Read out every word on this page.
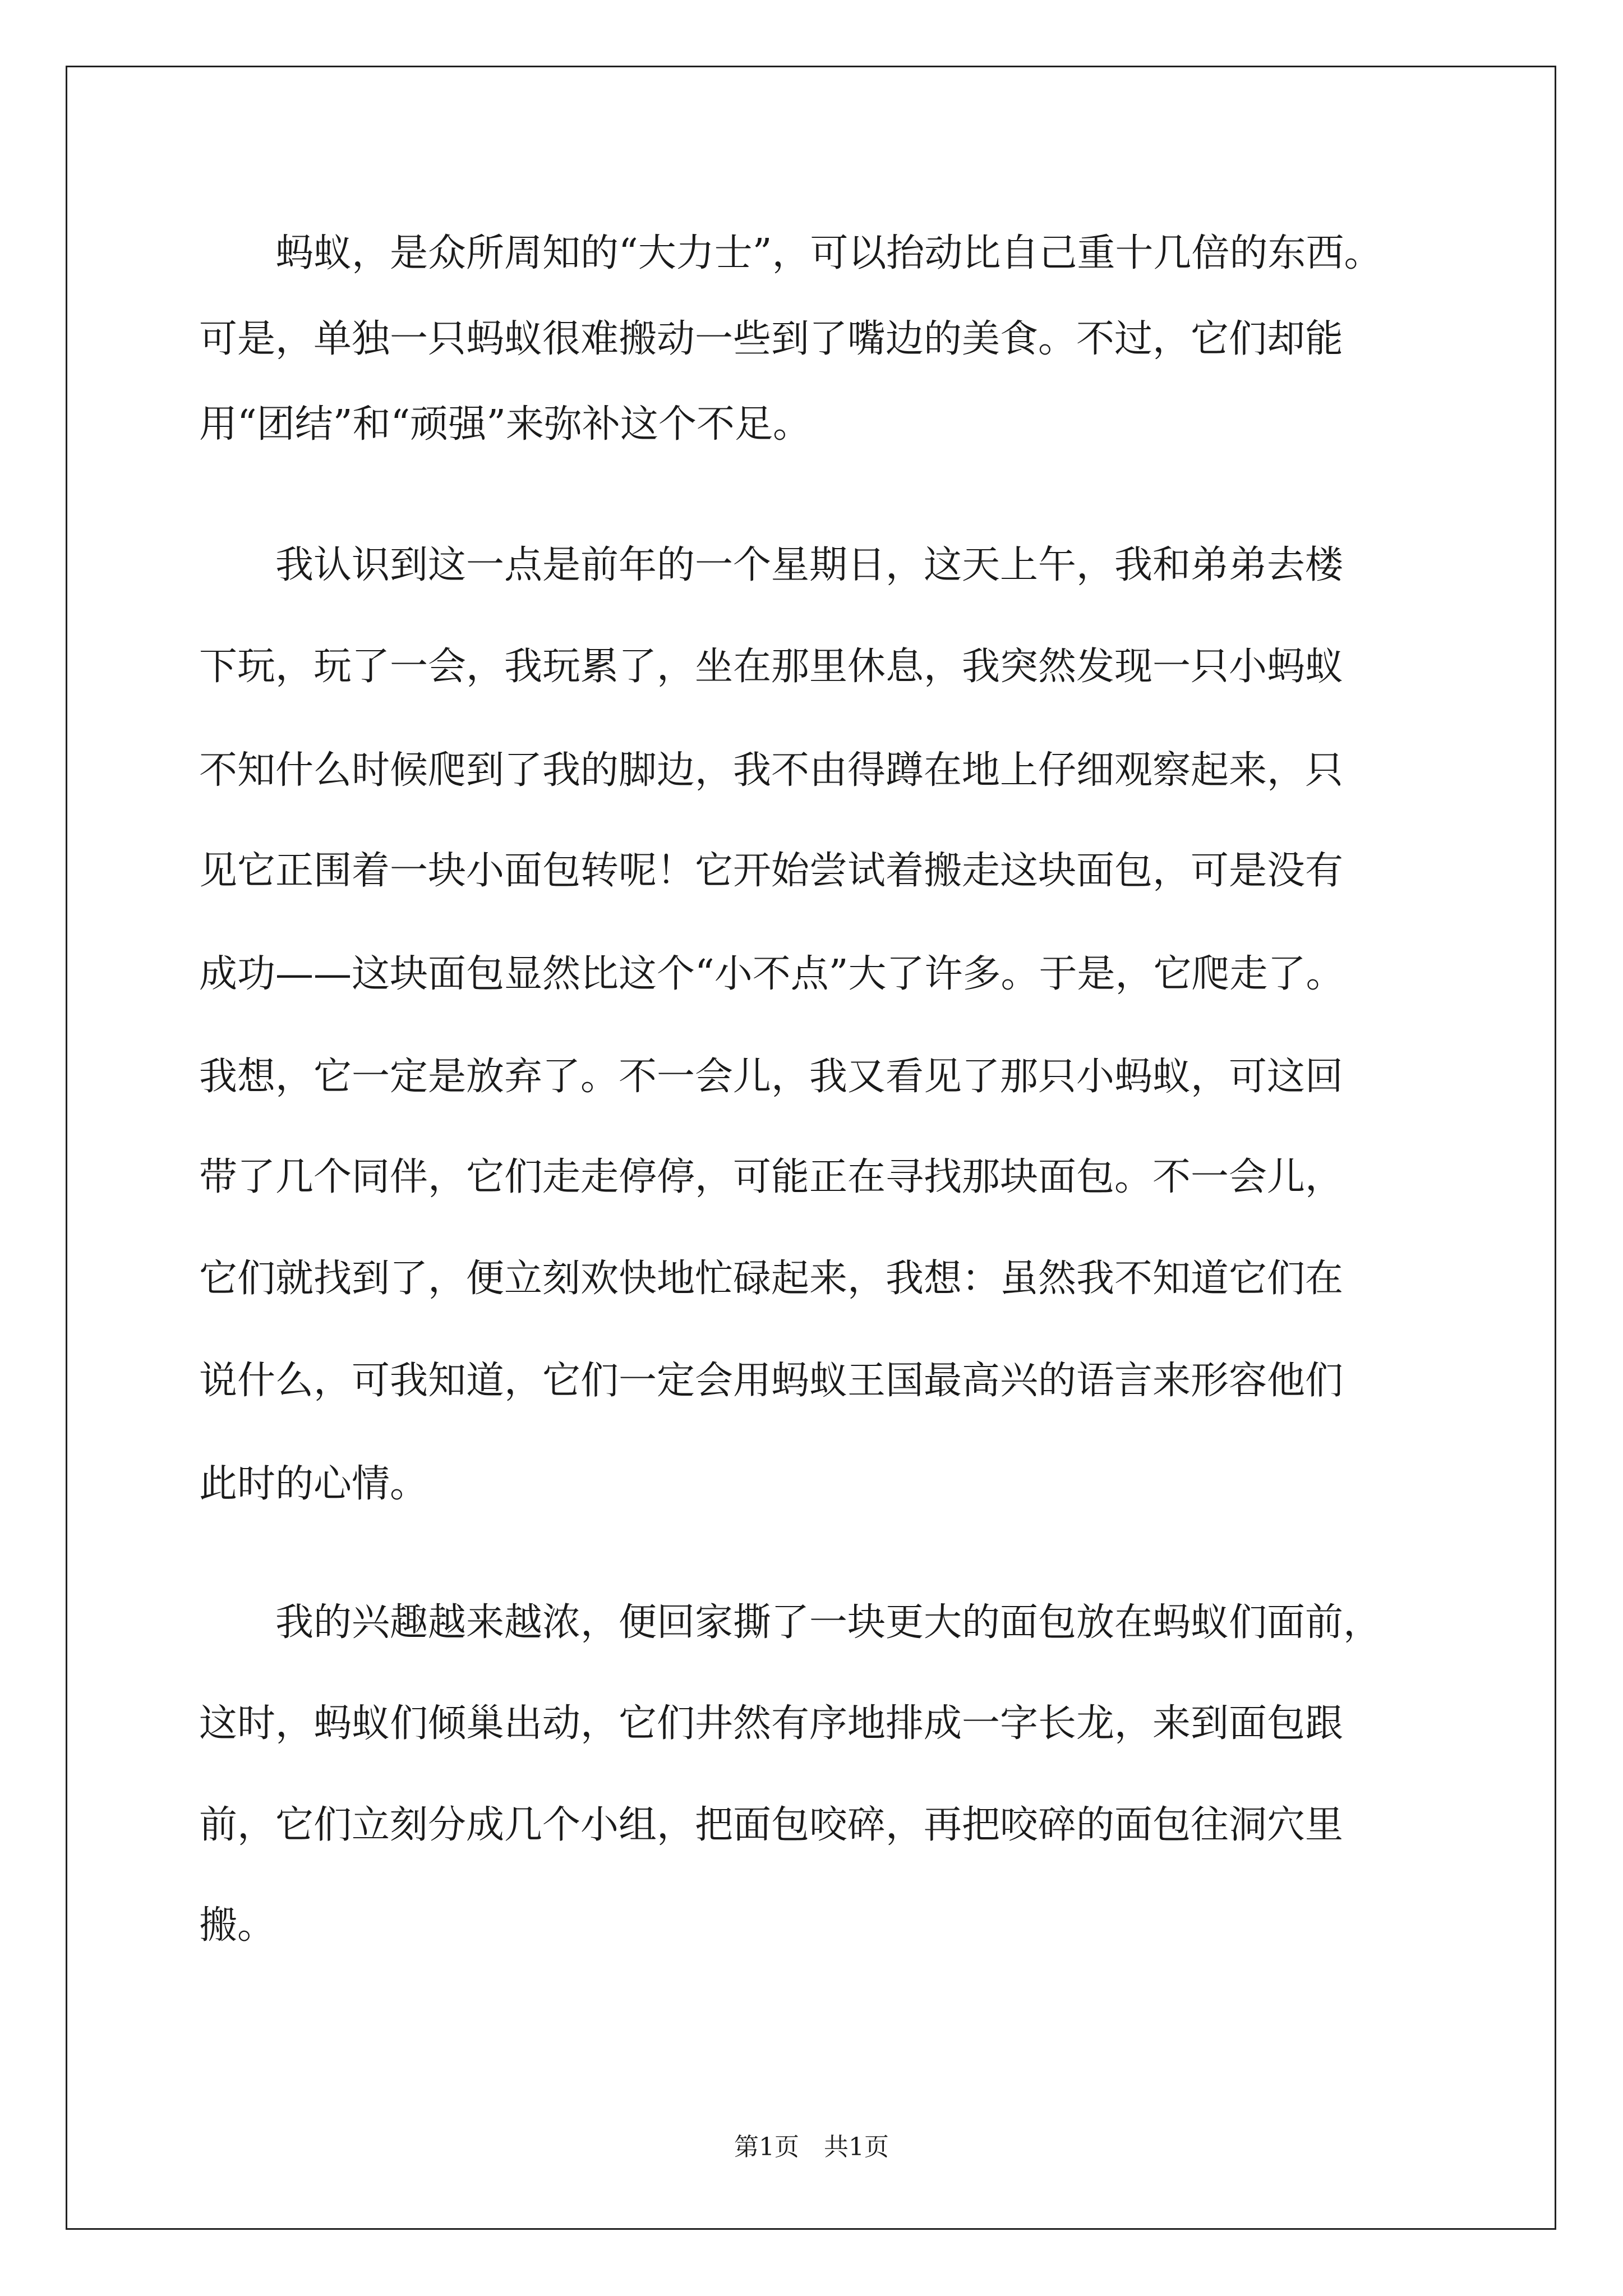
　　蚂蚁，是众所周知的“大力士”，可以抬动比自己重十几倍的东西。
可是，单独一只蚂蚁很难搬动一些到了嘴边的美食。不过，它们却能
用“团结”和“顽强”来弥补这个不足。
　　我认识到这一点是前年的一个星期日，这天上午，我和弟弟去楼
下玩，玩了一会，我玩累了，坐在那里休息，我突然发现一只小蚂蚁
不知什么时候爬到了我的脚边，我不由得蹲在地上仔细观察起来，只
见它正围着一块小面包转呢！它开始尝试着搬走这块面包，可是没有
成功——这块面包显然比这个“小不点”大了许多。于是，它爬走了。
我想，它一定是放弃了。不一会儿，我又看见了那只小蚂蚁，可这回
带了几个同伴，它们走走停停，可能正在寻找那块面包。不一会儿，
它们就找到了，便立刻欢快地忙碌起来，我想：虽然我不知道它们在
说什么，可我知道，它们一定会用蚂蚁王国最高兴的语言来形容他们
此时的心情。
　　我的兴趣越来越浓，便回家撕了一块更大的面包放在蚂蚁们面前，
这时，蚂蚁们倾巢出动，它们井然有序地排成一字长龙，来到面包跟
前，它们立刻分成几个小组，把面包咬碎，再把咬碎的面包往洞穴里
搬。
第1页　共1页
